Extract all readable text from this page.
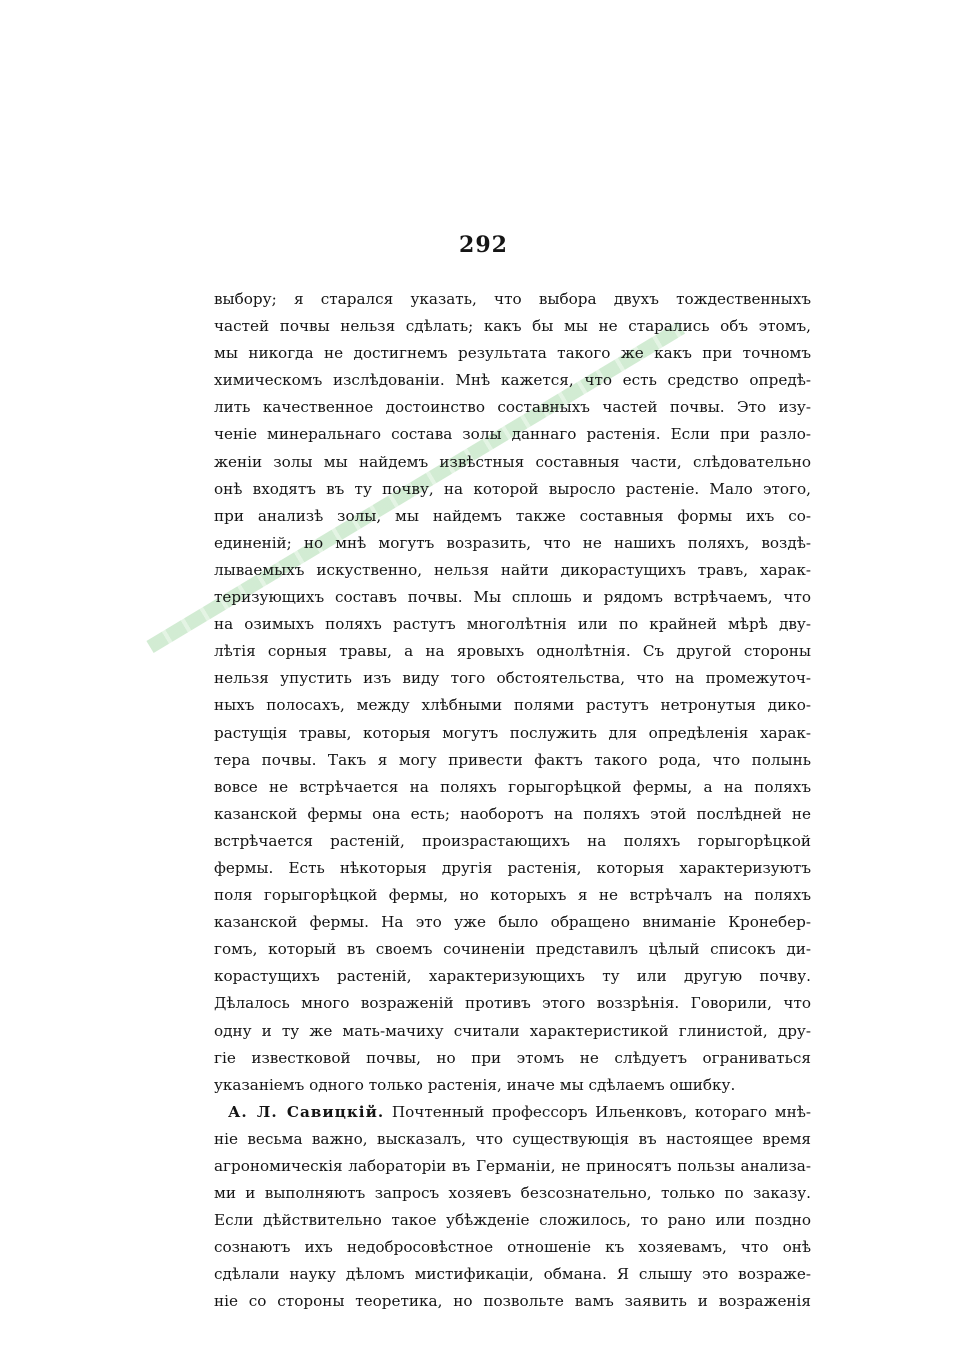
292
выбору; я старался указать, что выбора двухъ тождественныхъ
частей почвы нельзя сдѣлать; какъ бы мы не старались объ этомъ,
мы никогда не достигнемъ результата такого же какъ при точномъ
химическомъ изслѣдованіи. Мнѣ кажется, что есть средство опредѣ-
лить качественное достоинство составныхъ частей почвы. Это изу-
ченіе минеральнаго состава золы даннаго растенія. Если при разло-
женіи золы мы найдемъ извѣстныя составныя части, слѣдовательно
онѣ входятъ въ ту почву, на которой выросло растеніе. Мало этого,
при анализѣ золы, мы найдемъ также составныя формы ихъ со-
единеній; но мнѣ могутъ возразить, что не нашихъ поляхъ, воздѣ-
лываемыхъ искуственно, нельзя найти дикорастущихъ травъ, харак-
теризующихъ составъ почвы. Мы сплошь и рядомъ встрѣчаемъ, что
на озимыхъ поляхъ растутъ многолѣтнія или по крайней мѣрѣ дву-
лѣтія сорныя травы, а на яровыхъ однолѣтнія. Съ другой стороны
нельзя упустить изъ виду того обстоятельства, что на промежуточ-
ныхъ полосахъ, между хлѣбными полями растутъ нетронутыя дико-
растущія травы, которыя могутъ послужить для опредѣленія харак-
тера почвы. Такъ я могу привести фактъ такого рода, что полынь
вовсе не встрѣчается на поляхъ горыгорѣцкой фермы, а на поляхъ
казанской фермы она есть; наоборотъ на поляхъ этой послѣдней не
встрѣчается растеній, произрастающихъ на поляхъ горыгорѣцкой
фермы. Есть нѣкоторыя другія растенія, которыя характеризуютъ
поля горыгорѣцкой фермы, но которыхъ я не встрѣчалъ на поляхъ
казанской фермы. На это уже было обращено вниманіе Кронебер-
гомъ, который въ своемъ сочиненіи представилъ цѣлый списокъ ди-
корастущихъ растеній, характеризующихъ ту или другую почву.
Дѣлалось много возраженій противъ этого воззрѣнія. Говорили, что
одну и ту же мать-мачиху считали характеристикой глинистой, дру-
гіе известковой почвы, но при этомъ не слѣдуетъ ограниваться
указаніемъ одного только растенія, иначе мы сдѣлаемъ ошибку.
А. Л. Савицкій. Почтенный профессоръ Ильенковъ, котораго мнѣ-
ніе весьма важно, высказалъ, что существующія въ настоящее время
агрономическія лабораторіи въ Германіи, не приносятъ пользы анализа-
ми и выполняютъ запросъ хозяевъ безсознательно, только по заказу.
Если дѣйствительно такое убѣжденіе сложилось, то рано или поздно
сознаютъ ихъ недобросовѣстное отношеніе къ хозяевамъ, что онѣ
сдѣлали науку дѣломъ мистификаціи, обмана. Я слышу это возраже-
ніе со стороны теоретика, но позвольте вамъ заявить и возраженія
